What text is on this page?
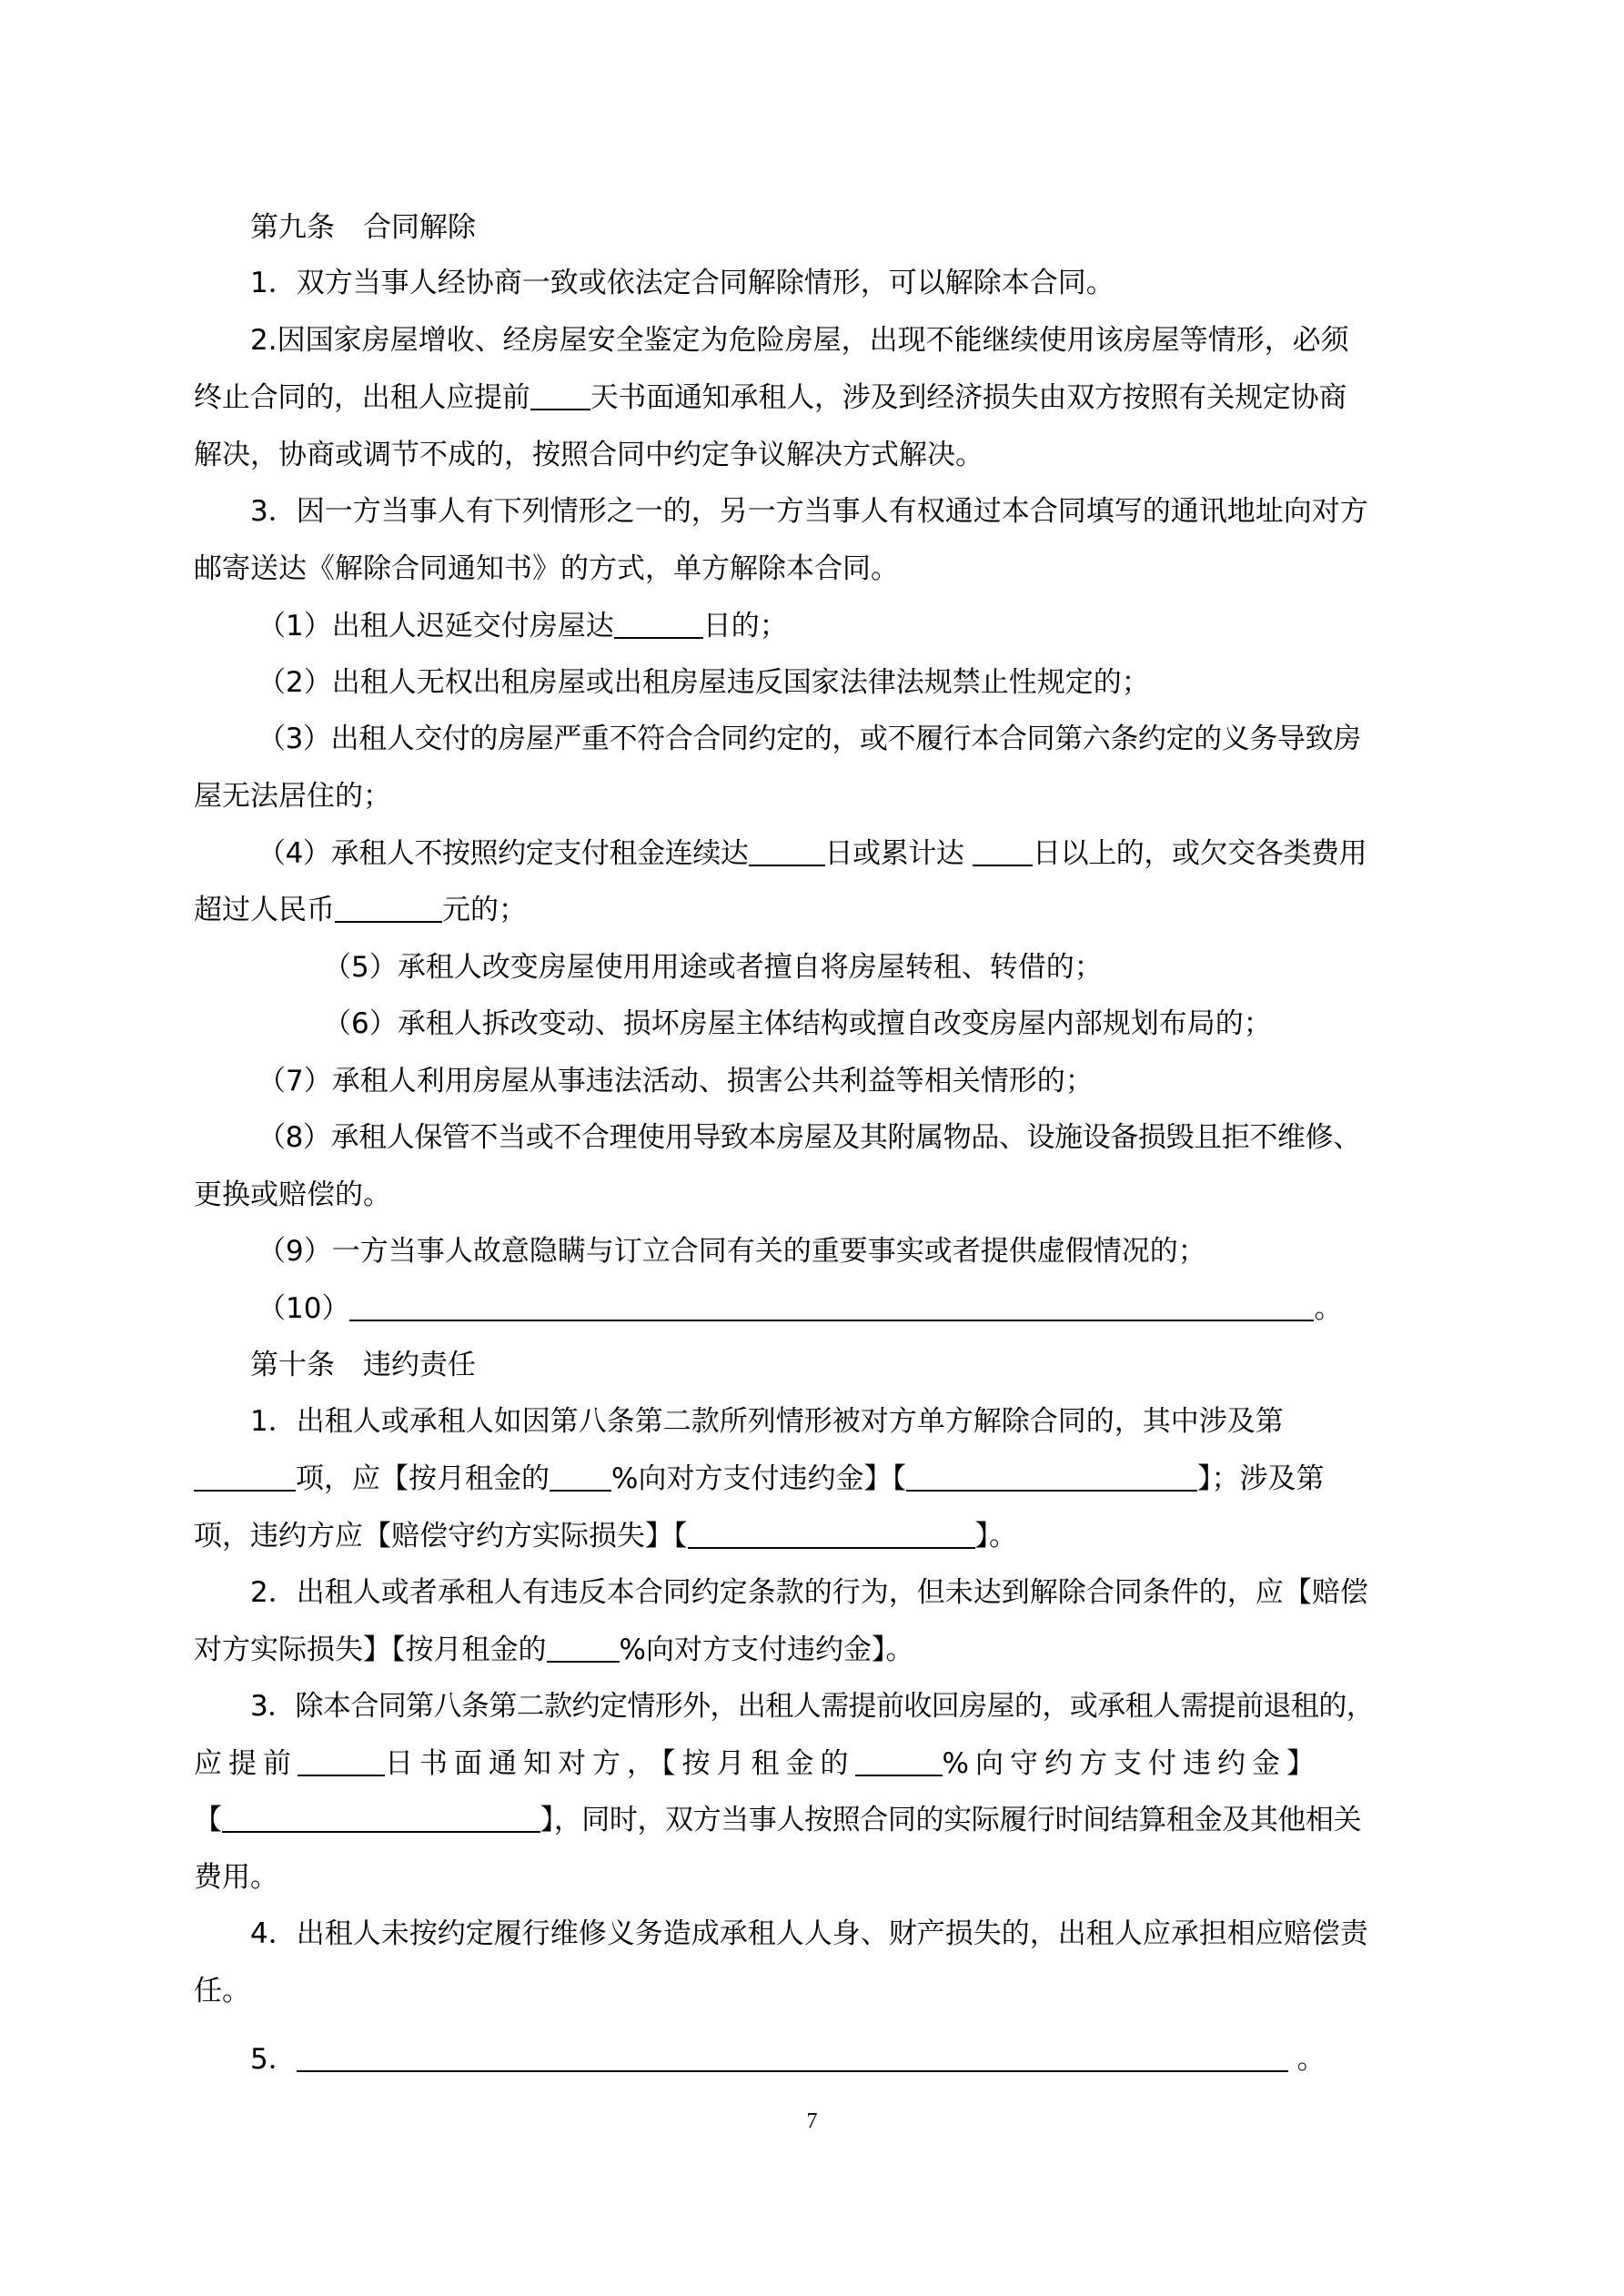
第九条　合同解除
1．双方当事人经协商一致或依法定合同解除情形，可以解除本合同。
2.因国家房屋增收、经房屋安全鉴定为危险房屋，出现不能继续使用该房屋等情形，必须
终止合同的，出租人应提前 天书面通知承租人，涉及到经济损失由双方按照有关规定协商
解决，协商或调节不成的，按照合同中约定争议解决方式解决。
3．因一方当事人有下列情形之一的，另一方当事人有权通过本合同填写的通讯地址向对方
邮寄送达《解除合同通知书》的方式，单方解除本合同。
（1）出租人迟延交付房屋达	日的；
（2）出租人无权出租房屋或出租房屋违反国家法律法规禁止性规定的；
（3）出租人交付的房屋严重不符合合同约定的，或不履行本合同第六条约定的义务导致房
屋无法居住的；
（4）承租人不按照约定支付租金连续达	日或累计达 日以上的，或欠交各类费用
超过人民币	元的；
（5）承租人改变房屋使用用途或者擅自将房屋转租、转借的；
（6）承租人拆改变动、损坏房屋主体结构或擅自改变房屋内部规划布局的；
（7）承租人利用房屋从事违法活动、损害公共利益等相关情形的；
（8）承租人保管不当或不合理使用导致本房屋及其附属物品、设施设备损毁且拒不维修、
更换或赔偿的。
（9）一方当事人故意隐瞒与订立合同有关的重要事实或者提供虚假情况的；
（10）	。
第十条　违约责任
1．出租人或承租人如因第八条第二款所列情形被对方单方解除合同的，其中涉及第
项，应【按月租金的 %向对方支付违约金】【	】；涉及第
项，违约方应【赔偿守约方实际损失】【	】。
2．出租人或者承租人有违反本合同约定条款的行为，但未达到解除合同条件的，应【赔偿
对方实际损失】【按月租金的	%向对方支付违约金】。
3．除本合同第八条第二款约定情形外，出租人需提前收回房屋的，或承租人需提前退租的，
应提前	日书面通知对方，【按月租金的	%向守约方支付违约金】
【	】，同时，双方当事人按照合同的实际履行时间结算租金及其他相关
费用。
4．出租人未按约定履行维修义务造成承租人人身、财产损失的，出租人应承担相应赔偿责
任。
5．	。
7
